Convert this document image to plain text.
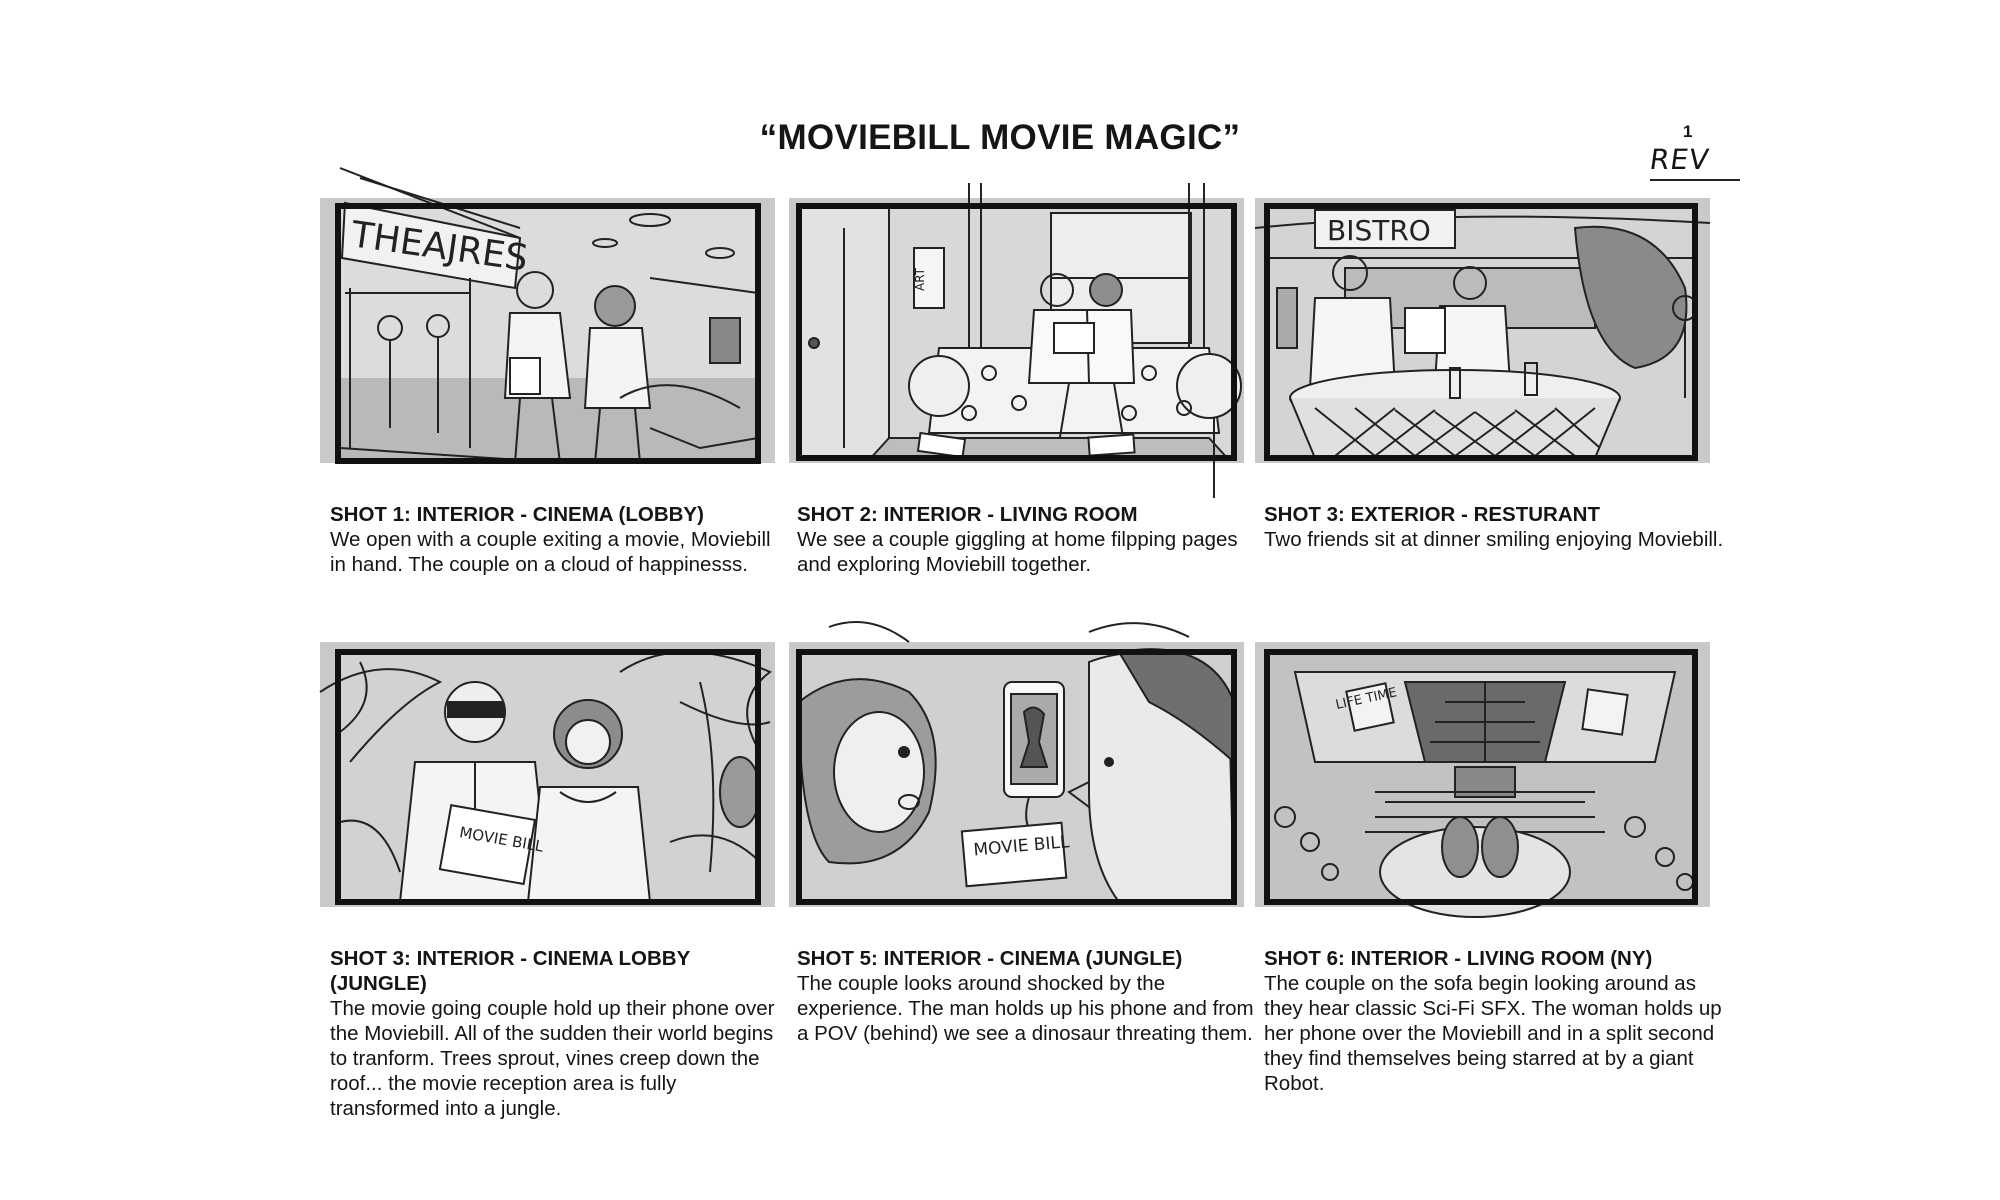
“MOVIEBILL MOVIE MAGIC”	1
REV
THEAJRES	ART
BISTRO
MOVIE BILL	MOVIE BILL
LIFE TIME
SHOT 1: INTERIOR - CINEMA (LOBBY)
We open with a couple exiting a movie, Moviebill in hand. The couple on a cloud of happinesss.
SHOT 2: INTERIOR - LIVING ROOM
We see a couple giggling at home filpping pages and exploring Moviebill together.
SHOT 3: EXTERIOR - RESTURANT
Two friends sit at dinner smiling enjoying Moviebill.
SHOT 3: INTERIOR - CINEMA LOBBY (JUNGLE)
The movie going couple hold up their phone over the Moviebill. All of the sudden their world begins to tranform. Trees sprout, vines creep down the roof... the movie reception area is fully transformed into a jungle.
SHOT 5: INTERIOR - CINEMA (JUNGLE)
The couple looks around shocked by the experience. The man holds up his phone and from a POV (behind) we see a dinosaur threating them.
SHOT 6: INTERIOR - LIVING ROOM (NY)
The couple on the sofa begin looking around as they hear classic Sci-Fi SFX. The woman holds up her phone over the Moviebill and in a split second they find themselves being starred at by a giant Robot.
